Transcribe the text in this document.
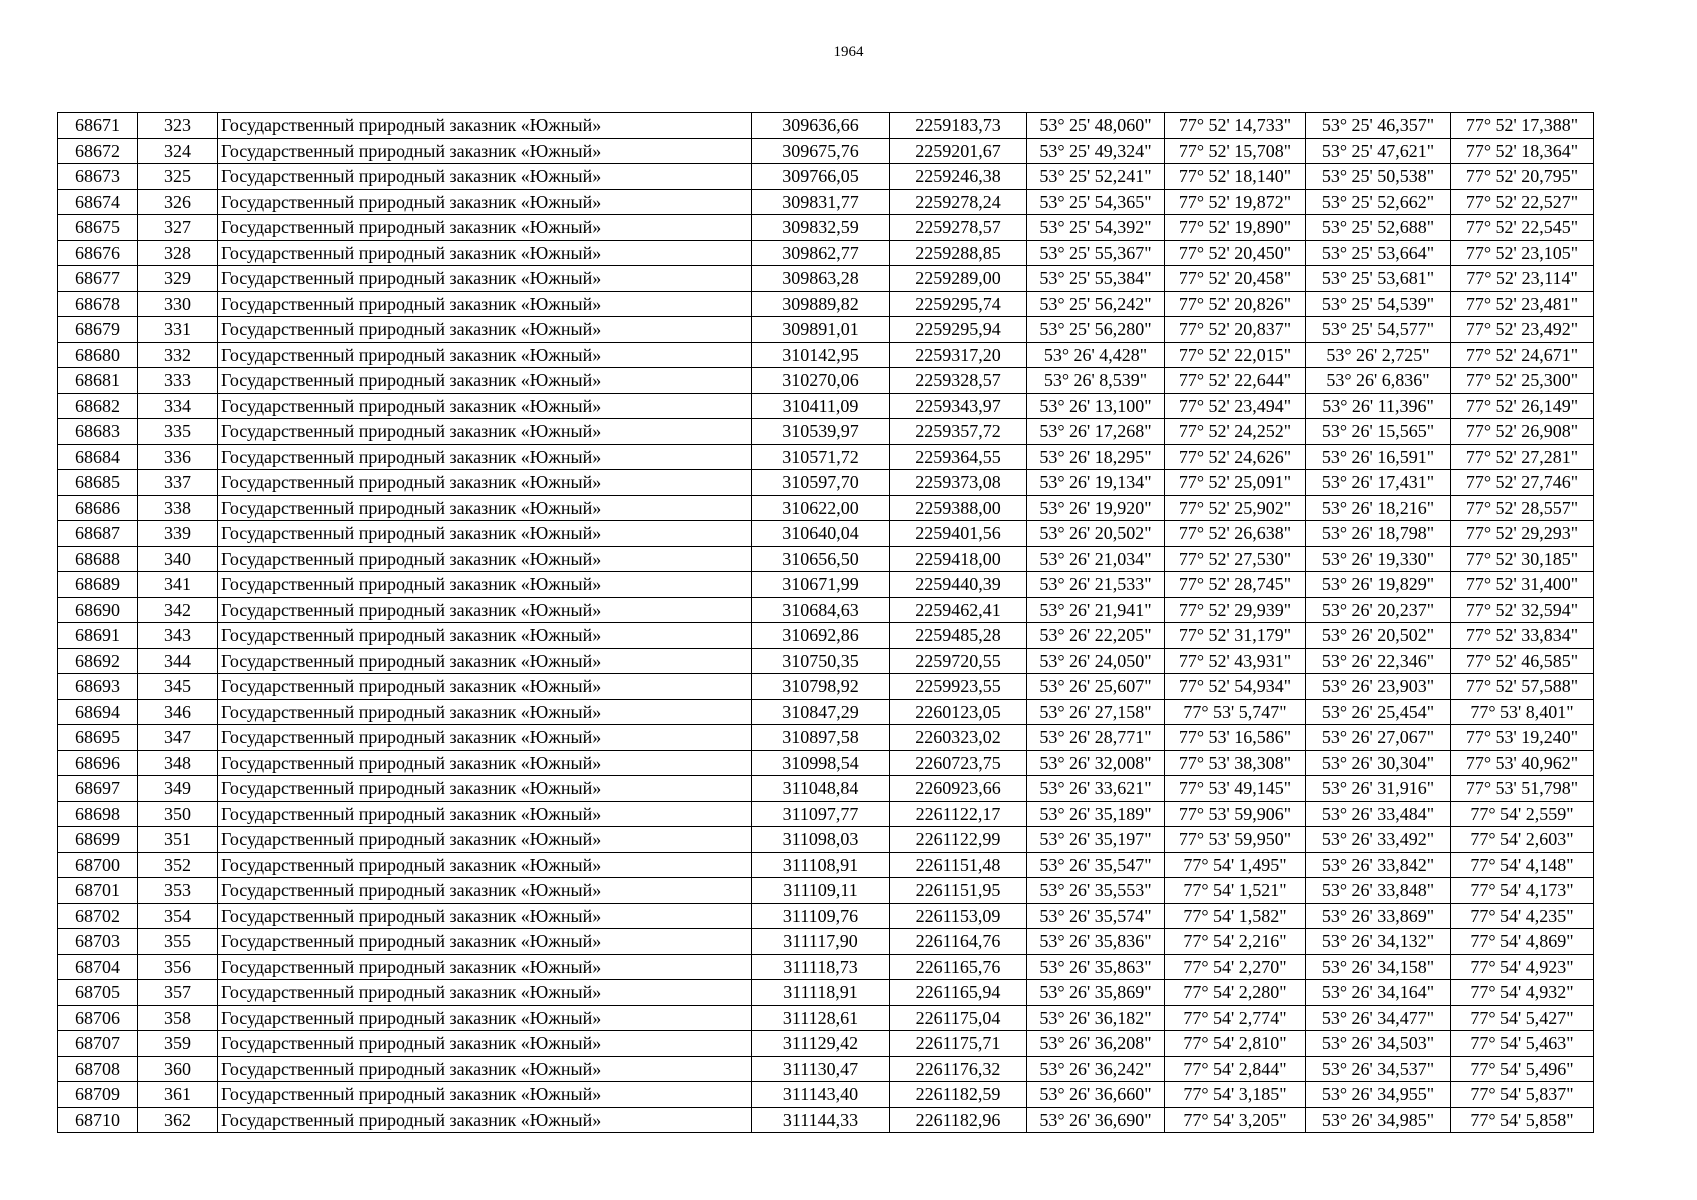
1964
68671	323	Государственный природный заказник «Южный»	309636,66	2259183,73	53° 25' 48,060"	77° 52' 14,733"	53° 25' 46,357"	77° 52' 17,388"
68672	324	Государственный природный заказник «Южный»	309675,76	2259201,67	53° 25' 49,324"	77° 52' 15,708"	53° 25' 47,621"	77° 52' 18,364"
68673	325	Государственный природный заказник «Южный»	309766,05	2259246,38	53° 25' 52,241"	77° 52' 18,140"	53° 25' 50,538"	77° 52' 20,795"
68674	326	Государственный природный заказник «Южный»	309831,77	2259278,24	53° 25' 54,365"	77° 52' 19,872"	53° 25' 52,662"	77° 52' 22,527"
68675	327	Государственный природный заказник «Южный»	309832,59	2259278,57	53° 25' 54,392"	77° 52' 19,890"	53° 25' 52,688"	77° 52' 22,545"
68676	328	Государственный природный заказник «Южный»	309862,77	2259288,85	53° 25' 55,367"	77° 52' 20,450"	53° 25' 53,664"	77° 52' 23,105"
68677	329	Государственный природный заказник «Южный»	309863,28	2259289,00	53° 25' 55,384"	77° 52' 20,458"	53° 25' 53,681"	77° 52' 23,114"
68678	330	Государственный природный заказник «Южный»	309889,82	2259295,74	53° 25' 56,242"	77° 52' 20,826"	53° 25' 54,539"	77° 52' 23,481"
68679	331	Государственный природный заказник «Южный»	309891,01	2259295,94	53° 25' 56,280"	77° 52' 20,837"	53° 25' 54,577"	77° 52' 23,492"
68680	332	Государственный природный заказник «Южный»	310142,95	2259317,20	53° 26' 4,428"	77° 52' 22,015"	53° 26' 2,725"	77° 52' 24,671"
68681	333	Государственный природный заказник «Южный»	310270,06	2259328,57	53° 26' 8,539"	77° 52' 22,644"	53° 26' 6,836"	77° 52' 25,300"
68682	334	Государственный природный заказник «Южный»	310411,09	2259343,97	53° 26' 13,100"	77° 52' 23,494"	53° 26' 11,396"	77° 52' 26,149"
68683	335	Государственный природный заказник «Южный»	310539,97	2259357,72	53° 26' 17,268"	77° 52' 24,252"	53° 26' 15,565"	77° 52' 26,908"
68684	336	Государственный природный заказник «Южный»	310571,72	2259364,55	53° 26' 18,295"	77° 52' 24,626"	53° 26' 16,591"	77° 52' 27,281"
68685	337	Государственный природный заказник «Южный»	310597,70	2259373,08	53° 26' 19,134"	77° 52' 25,091"	53° 26' 17,431"	77° 52' 27,746"
68686	338	Государственный природный заказник «Южный»	310622,00	2259388,00	53° 26' 19,920"	77° 52' 25,902"	53° 26' 18,216"	77° 52' 28,557"
68687	339	Государственный природный заказник «Южный»	310640,04	2259401,56	53° 26' 20,502"	77° 52' 26,638"	53° 26' 18,798"	77° 52' 29,293"
68688	340	Государственный природный заказник «Южный»	310656,50	2259418,00	53° 26' 21,034"	77° 52' 27,530"	53° 26' 19,330"	77° 52' 30,185"
68689	341	Государственный природный заказник «Южный»	310671,99	2259440,39	53° 26' 21,533"	77° 52' 28,745"	53° 26' 19,829"	77° 52' 31,400"
68690	342	Государственный природный заказник «Южный»	310684,63	2259462,41	53° 26' 21,941"	77° 52' 29,939"	53° 26' 20,237"	77° 52' 32,594"
68691	343	Государственный природный заказник «Южный»	310692,86	2259485,28	53° 26' 22,205"	77° 52' 31,179"	53° 26' 20,502"	77° 52' 33,834"
68692	344	Государственный природный заказник «Южный»	310750,35	2259720,55	53° 26' 24,050"	77° 52' 43,931"	53° 26' 22,346"	77° 52' 46,585"
68693	345	Государственный природный заказник «Южный»	310798,92	2259923,55	53° 26' 25,607"	77° 52' 54,934"	53° 26' 23,903"	77° 52' 57,588"
68694	346	Государственный природный заказник «Южный»	310847,29	2260123,05	53° 26' 27,158"	77° 53' 5,747"	53° 26' 25,454"	77° 53' 8,401"
68695	347	Государственный природный заказник «Южный»	310897,58	2260323,02	53° 26' 28,771"	77° 53' 16,586"	53° 26' 27,067"	77° 53' 19,240"
68696	348	Государственный природный заказник «Южный»	310998,54	2260723,75	53° 26' 32,008"	77° 53' 38,308"	53° 26' 30,304"	77° 53' 40,962"
68697	349	Государственный природный заказник «Южный»	311048,84	2260923,66	53° 26' 33,621"	77° 53' 49,145"	53° 26' 31,916"	77° 53' 51,798"
68698	350	Государственный природный заказник «Южный»	311097,77	2261122,17	53° 26' 35,189"	77° 53' 59,906"	53° 26' 33,484"	77° 54' 2,559"
68699	351	Государственный природный заказник «Южный»	311098,03	2261122,99	53° 26' 35,197"	77° 53' 59,950"	53° 26' 33,492"	77° 54' 2,603"
68700	352	Государственный природный заказник «Южный»	311108,91	2261151,48	53° 26' 35,547"	77° 54' 1,495"	53° 26' 33,842"	77° 54' 4,148"
68701	353	Государственный природный заказник «Южный»	311109,11	2261151,95	53° 26' 35,553"	77° 54' 1,521"	53° 26' 33,848"	77° 54' 4,173"
68702	354	Государственный природный заказник «Южный»	311109,76	2261153,09	53° 26' 35,574"	77° 54' 1,582"	53° 26' 33,869"	77° 54' 4,235"
68703	355	Государственный природный заказник «Южный»	311117,90	2261164,76	53° 26' 35,836"	77° 54' 2,216"	53° 26' 34,132"	77° 54' 4,869"
68704	356	Государственный природный заказник «Южный»	311118,73	2261165,76	53° 26' 35,863"	77° 54' 2,270"	53° 26' 34,158"	77° 54' 4,923"
68705	357	Государственный природный заказник «Южный»	311118,91	2261165,94	53° 26' 35,869"	77° 54' 2,280"	53° 26' 34,164"	77° 54' 4,932"
68706	358	Государственный природный заказник «Южный»	311128,61	2261175,04	53° 26' 36,182"	77° 54' 2,774"	53° 26' 34,477"	77° 54' 5,427"
68707	359	Государственный природный заказник «Южный»	311129,42	2261175,71	53° 26' 36,208"	77° 54' 2,810"	53° 26' 34,503"	77° 54' 5,463"
68708	360	Государственный природный заказник «Южный»	311130,47	2261176,32	53° 26' 36,242"	77° 54' 2,844"	53° 26' 34,537"	77° 54' 5,496"
68709	361	Государственный природный заказник «Южный»	311143,40	2261182,59	53° 26' 36,660"	77° 54' 3,185"	53° 26' 34,955"	77° 54' 5,837"
68710	362	Государственный природный заказник «Южный»	311144,33	2261182,96	53° 26' 36,690"	77° 54' 3,205"	53° 26' 34,985"	77° 54' 5,858"
